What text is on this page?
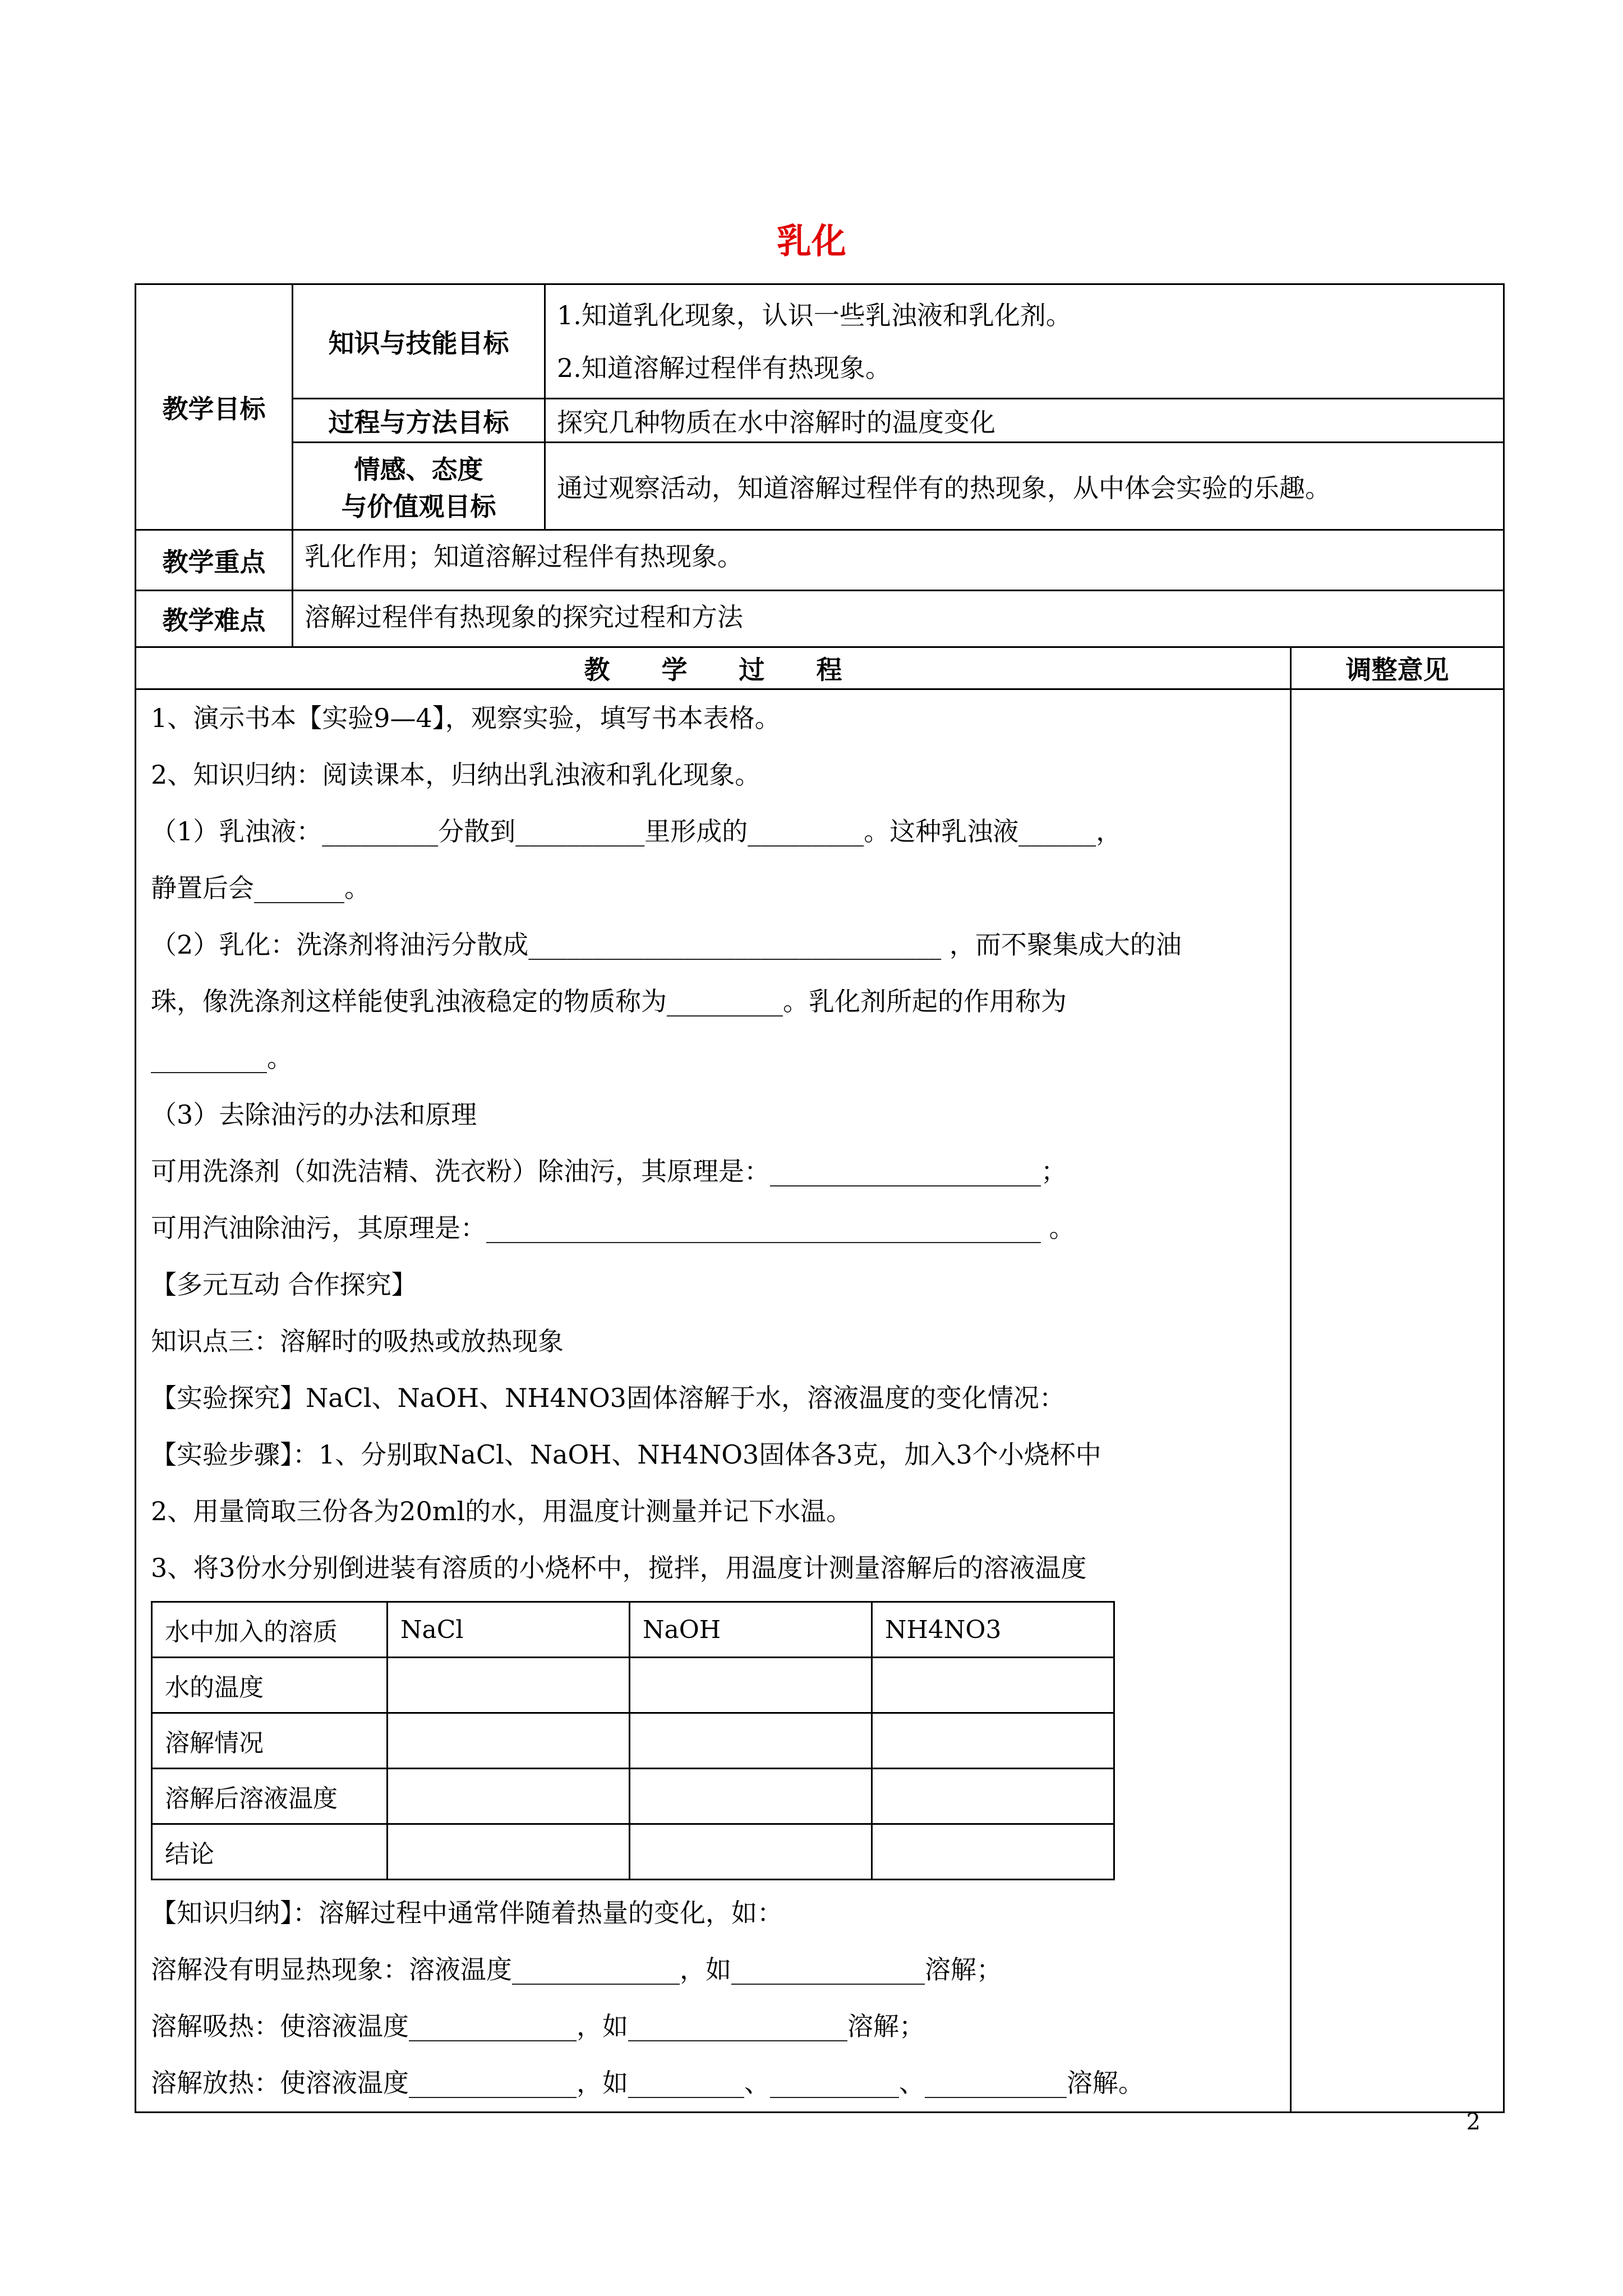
乳化
教学目标	知识与技能目标	
1.知道乳化现象，认识一些乳浊液和乳化剂。
2.知道溶解过程伴有热现象。

过程与方法目标	探究几种物质在水中溶解时的温度变化

情感、态度
与价值观目标
	通过观察活动，知道溶解过程伴有的热现象，从中体会实验的乐趣。
教学重点	乳化作用；知道溶解过程伴有热现象。
教学难点	溶解过程伴有热现象的探究过程和方法
教　　学　　过　　程	调整意见

1、演示书本【实验9—4】，观察实验，填写书本表格。
2、知识归纳：阅读课本，归纳出乳浊液和乳化现象。
（1）乳浊液：_________分散到__________里形成的_________。这种乳浊液______，
静置后会_______。
（2）乳化：洗涤剂将油污分散成________________________________ ，而不聚集成大的油
珠，像洗涤剂这样能使乳浊液稳定的物质称为_________。乳化剂所起的作用称为
_________。
（3）去除油污的办法和原理
可用洗涤剂（如洗洁精、洗衣粉）除油污，其原理是：_____________________；
可用汽油除油污，其原理是：___________________________________________ 。
【多元互动 合作探究】
知识点三：溶解时的吸热或放热现象
【实验探究】NaCl、NaOH、NH4NO3固体溶解于水，溶液温度的变化情况：
【实验步骤】：1、分别取NaCl、NaOH、NH4NO3固体各3克，加入3个小烧杯中
2、用量筒取三份各为20ml的水，用温度计测量并记下水温。
3、将3份水分别倒进装有溶质的小烧杯中，搅拌，用温度计测量溶解后的溶液温度
水中加入的溶质	NaCl	NaOH	NH4NO3
水的温度			
溶解情况			
溶解后溶液温度			
结论			
【知识归纳】：溶解过程中通常伴随着热量的变化，如：
溶解没有明显热现象：溶液温度_____________，如_______________溶解；
溶解吸热：使溶液温度_____________，如_________________溶解；
溶解放热：使溶液温度_____________，如_________、__________、___________溶解。

2
